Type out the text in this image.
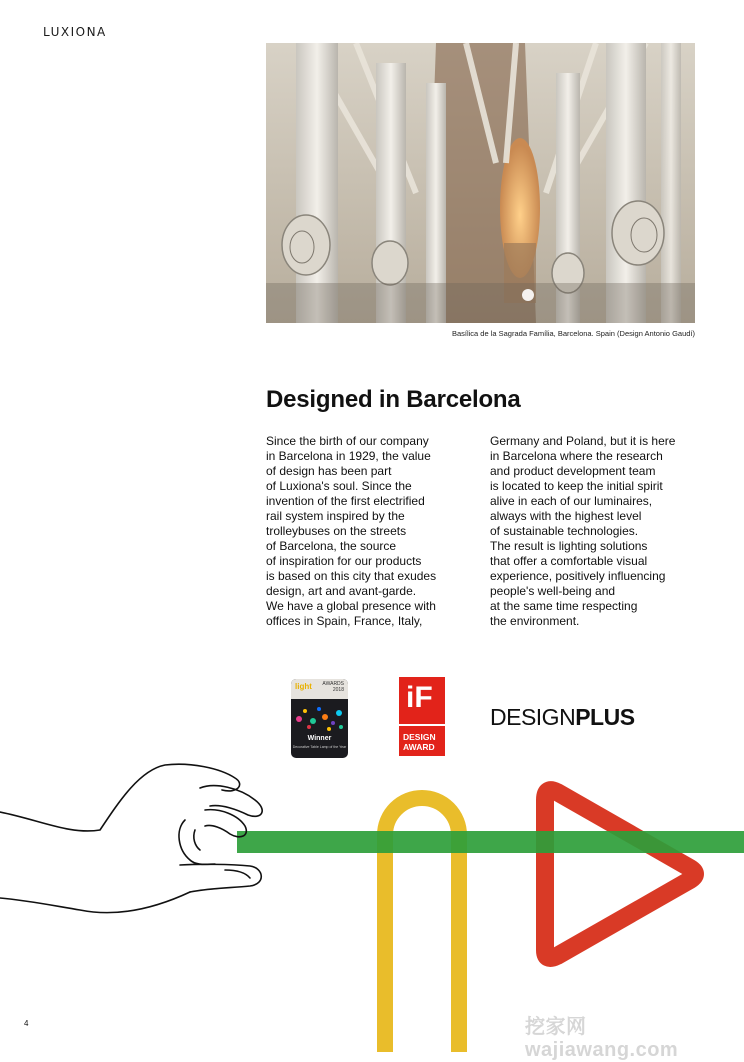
LUXIONA
Basílica de la Sagrada Família, Barcelona. Spain (Design Antonio Gaudí)
Designed in Barcelona
Since the birth of our company
in Barcelona in 1929, the value
of design has been part
of Luxiona's soul. Since the
invention of the first electrified
rail system inspired by the
trolleybuses on the streets
of Barcelona, the source
of inspiration for our products
is based on this city that exudes
design, art and avant-garde.
We have a global presence with
offices in Spain, France, Italy,
Germany and Poland, but it is here
in Barcelona where the research
and product development team
is located to keep the initial spirit
alive in each of our luminaires,
always with the highest level
of sustainable technologies.
The result is lighting solutions
that offer a comfortable visual
experience, positively influencing
people's well-being and
at the same time respecting
the environment.
light AWARDS
2018
Winner
Decorative Table Lamp of the Year
iF
DESIGN
AWARD
DESIGNPLUS
4	挖家网 wajiawang.com
